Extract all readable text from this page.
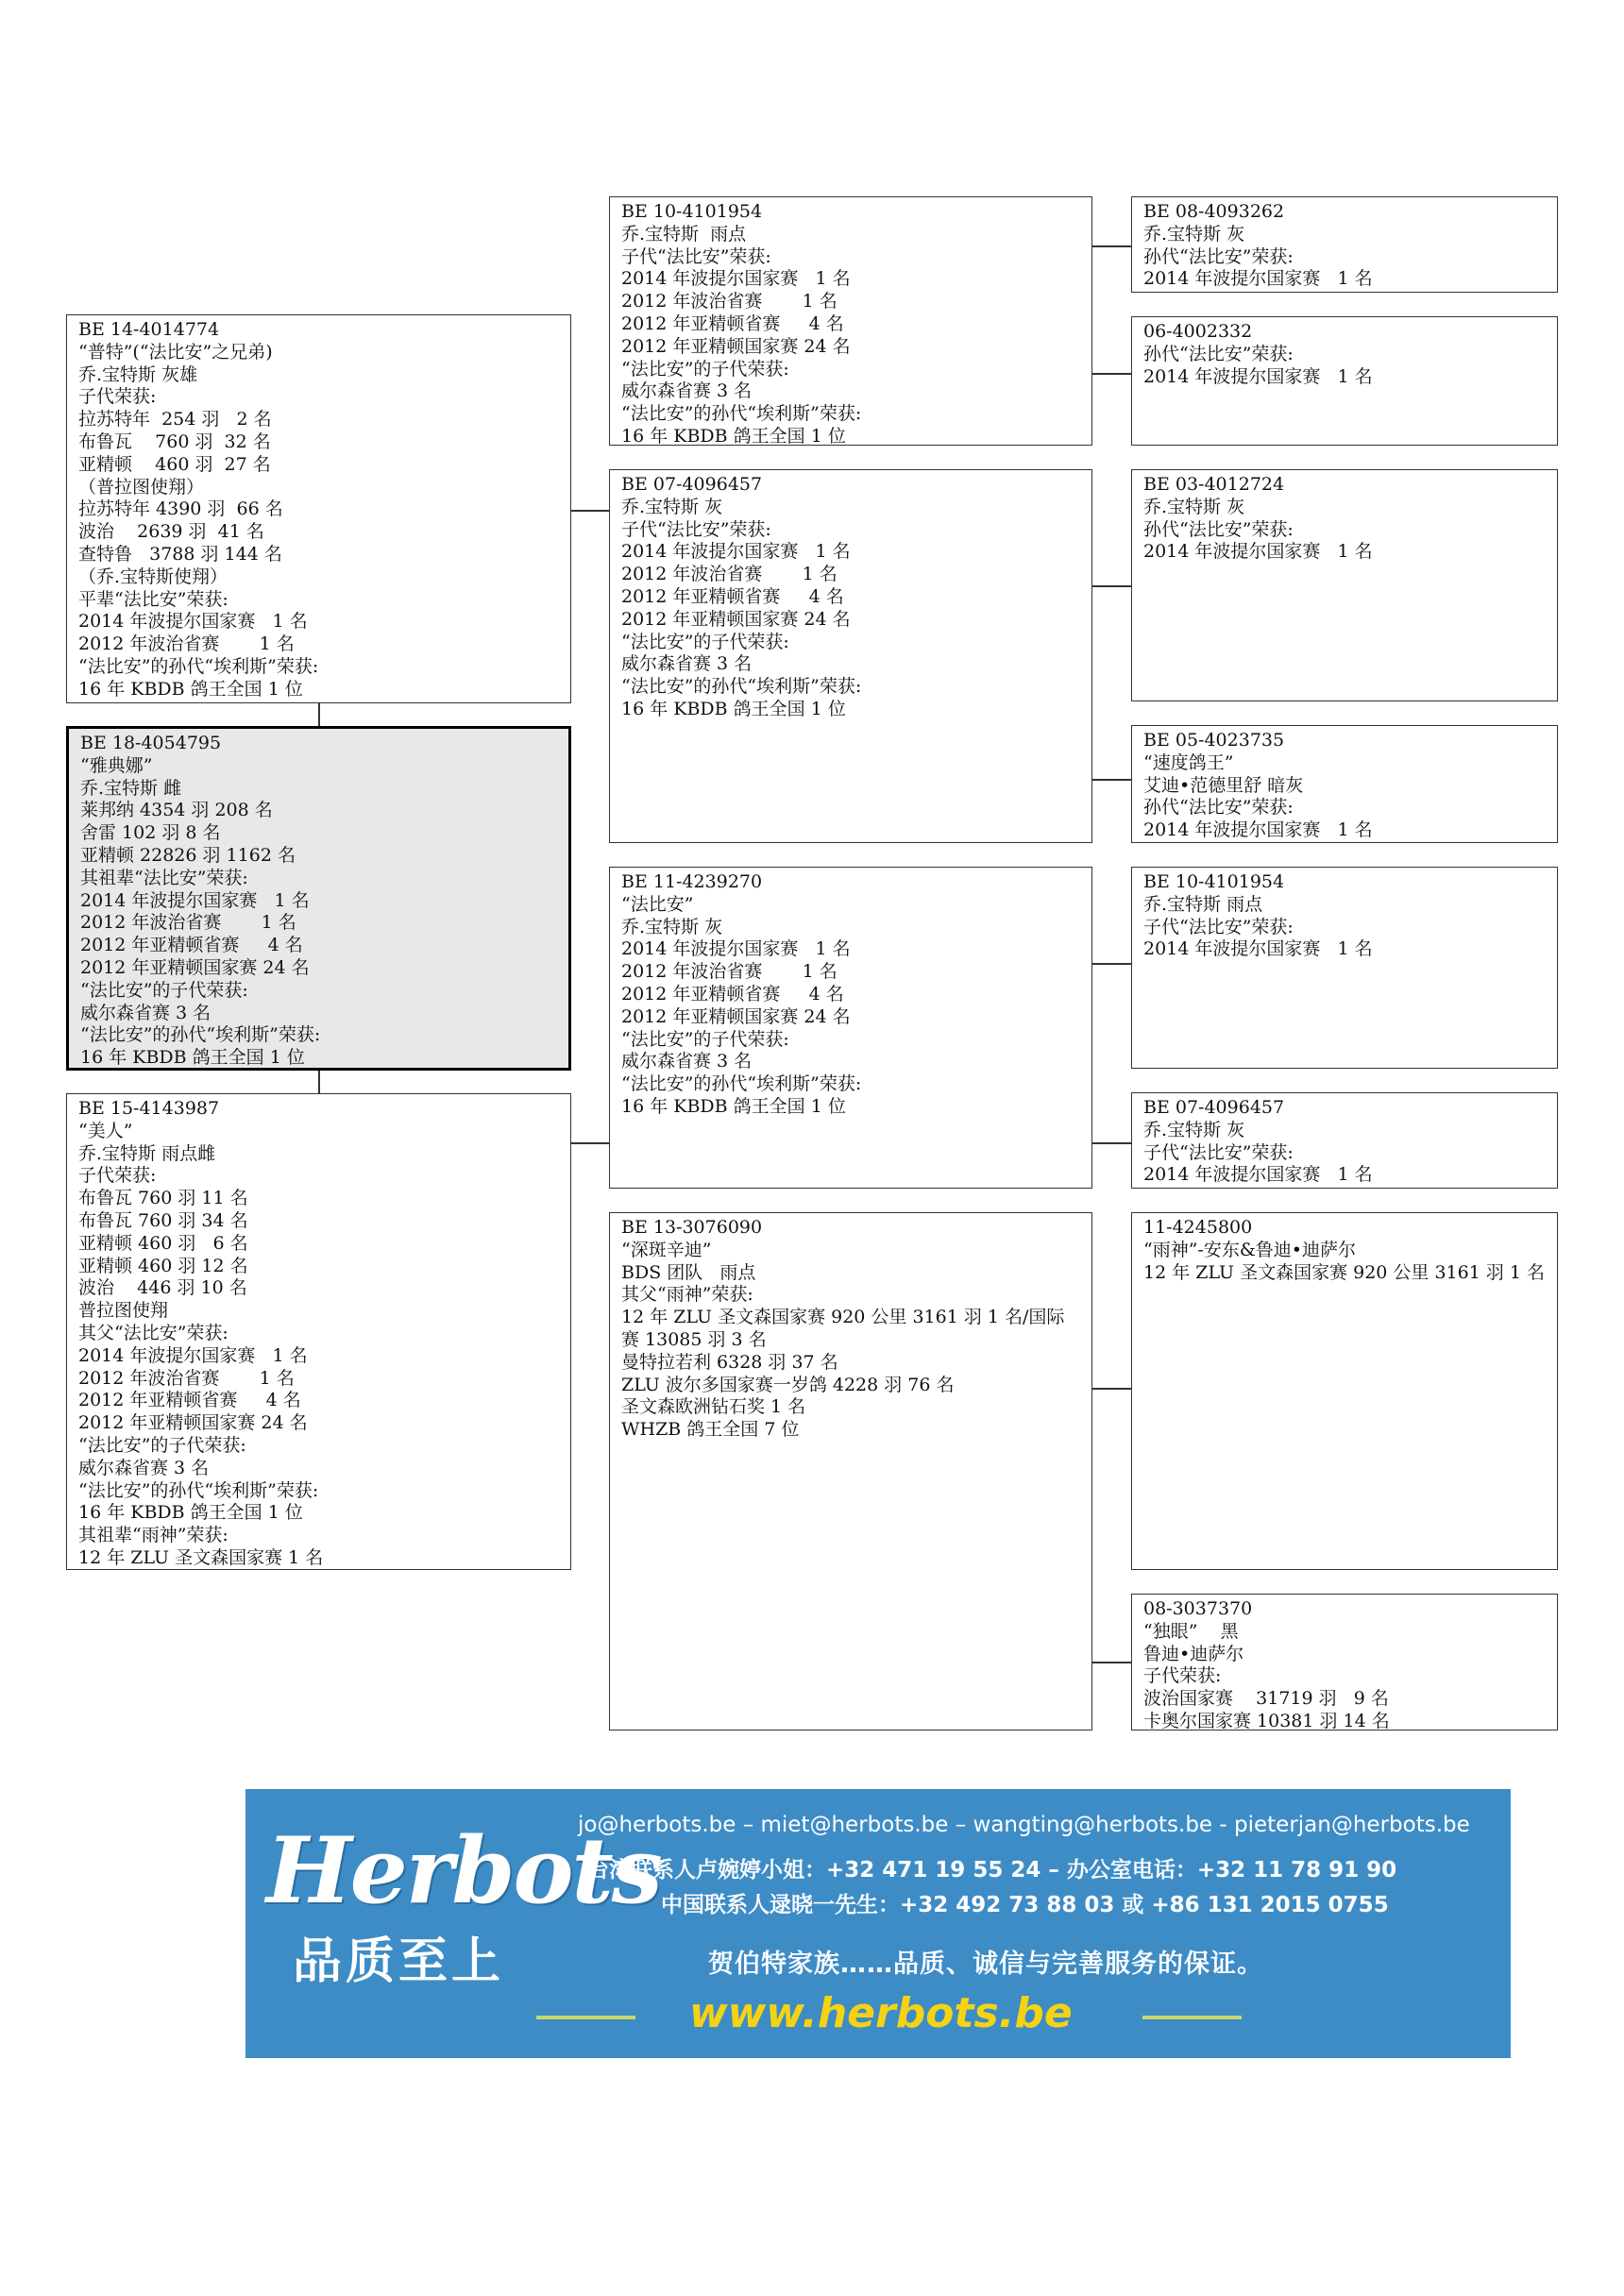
BE 14-4014774
“普特”(“法比安”之兄弟)
乔.宝特斯 灰雄
子代荣获:
拉苏特年  254 羽   2 名
布鲁瓦    760 羽  32 名
亚精顿    460 羽  27 名
（普拉图使翔）
拉苏特年 4390 羽  66 名
波治    2639 羽  41 名
查特鲁   3788 羽 144 名
（乔.宝特斯使翔）
平辈“法比安”荣获:
2014 年波提尔国家赛   1 名
2012 年波治省赛       1 名
“法比安”的孙代“埃利斯”荣获:
16 年 KBDB 鸽王全国 1 位
BE 18-4054795
“雅典娜”
乔.宝特斯 雌
莱邦纳 4354 羽 208 名
舍雷 102 羽 8 名
亚精顿 22826 羽 1162 名
其祖辈“法比安”荣获:
2014 年波提尔国家赛   1 名
2012 年波治省赛       1 名
2012 年亚精顿省赛     4 名
2012 年亚精顿国家赛 24 名
“法比安”的子代荣获:
威尔森省赛 3 名
“法比安”的孙代“埃利斯”荣获:
16 年 KBDB 鸽王全国 1 位
BE 15-4143987
“美人”
乔.宝特斯 雨点雌
子代荣获:
布鲁瓦 760 羽 11 名
布鲁瓦 760 羽 34 名
亚精顿 460 羽   6 名
亚精顿 460 羽 12 名
波治    446 羽 10 名
普拉图使翔
其父“法比安”荣获:
2014 年波提尔国家赛   1 名
2012 年波治省赛       1 名
2012 年亚精顿省赛     4 名
2012 年亚精顿国家赛 24 名
“法比安”的子代荣获:
威尔森省赛 3 名
“法比安”的孙代“埃利斯”荣获:
16 年 KBDB 鸽王全国 1 位
其祖辈“雨神”荣获:
12 年 ZLU 圣文森国家赛 1 名
BE 10-4101954
乔.宝特斯  雨点
子代“法比安”荣获:
2014 年波提尔国家赛   1 名
2012 年波治省赛       1 名
2012 年亚精顿省赛     4 名
2012 年亚精顿国家赛 24 名
“法比安”的子代荣获:
威尔森省赛 3 名
“法比安”的孙代“埃利斯”荣获:
16 年 KBDB 鸽王全国 1 位
BE 07-4096457
乔.宝特斯 灰
子代“法比安”荣获:
2014 年波提尔国家赛   1 名
2012 年波治省赛       1 名
2012 年亚精顿省赛     4 名
2012 年亚精顿国家赛 24 名
“法比安”的子代荣获:
威尔森省赛 3 名
“法比安”的孙代“埃利斯”荣获:
16 年 KBDB 鸽王全国 1 位
BE 11-4239270
“法比安”
乔.宝特斯 灰
2014 年波提尔国家赛   1 名
2012 年波治省赛       1 名
2012 年亚精顿省赛     4 名
2012 年亚精顿国家赛 24 名
“法比安”的子代荣获:
威尔森省赛 3 名
“法比安”的孙代“埃利斯”荣获:
16 年 KBDB 鸽王全国 1 位
BE 13-3076090
“深斑辛迪”
BDS 团队   雨点
其父“雨神”荣获:
12 年 ZLU 圣文森国家赛 920 公里 3161 羽 1 名/国际赛 13085 羽 3 名
曼特拉若利 6328 羽 37 名
ZLU 波尔多国家赛一岁鸽 4228 羽 76 名
圣文森欧洲钻石奖 1 名
WHZB 鸽王全国 7 位
BE 08-4093262
乔.宝特斯 灰
孙代“法比安”荣获:
2014 年波提尔国家赛   1 名
06-4002332
孙代“法比安”荣获:
2014 年波提尔国家赛   1 名
BE 03-4012724
乔.宝特斯 灰
孙代“法比安”荣获:
2014 年波提尔国家赛   1 名
BE 05-4023735
“速度鸽王”
艾迪•范德里舒 暗灰
孙代“法比安”荣获:
2014 年波提尔国家赛   1 名
BE 10-4101954
乔.宝特斯 雨点
子代“法比安”荣获:
2014 年波提尔国家赛   1 名
BE 07-4096457
乔.宝特斯 灰
子代“法比安”荣获:
2014 年波提尔国家赛   1 名
11-4245800
“雨神”-安东&鲁迪•迪萨尔
12 年 ZLU 圣文森国家赛 920 公里 3161 羽 1 名
08-3037370
“独眼”    黑
鲁迪•迪萨尔
子代荣获:
波治国家赛    31719 羽   9 名
卡奥尔国家赛 10381 羽 14 名
Herbots
品质至上
jo@herbots.be – miet@herbots.be – wangting@herbots.be - pieterjan@herbots.be
台湾联系人卢婉婷小姐：+32 471 19 55 24 – 办公室电话：+32 11 78 91 90
中国联系人逯晓一先生：+32 492 73 88 03 或 +86 131 2015 0755
贺伯特家族……品质、诚信与完善服务的保证。
www.herbots.be
